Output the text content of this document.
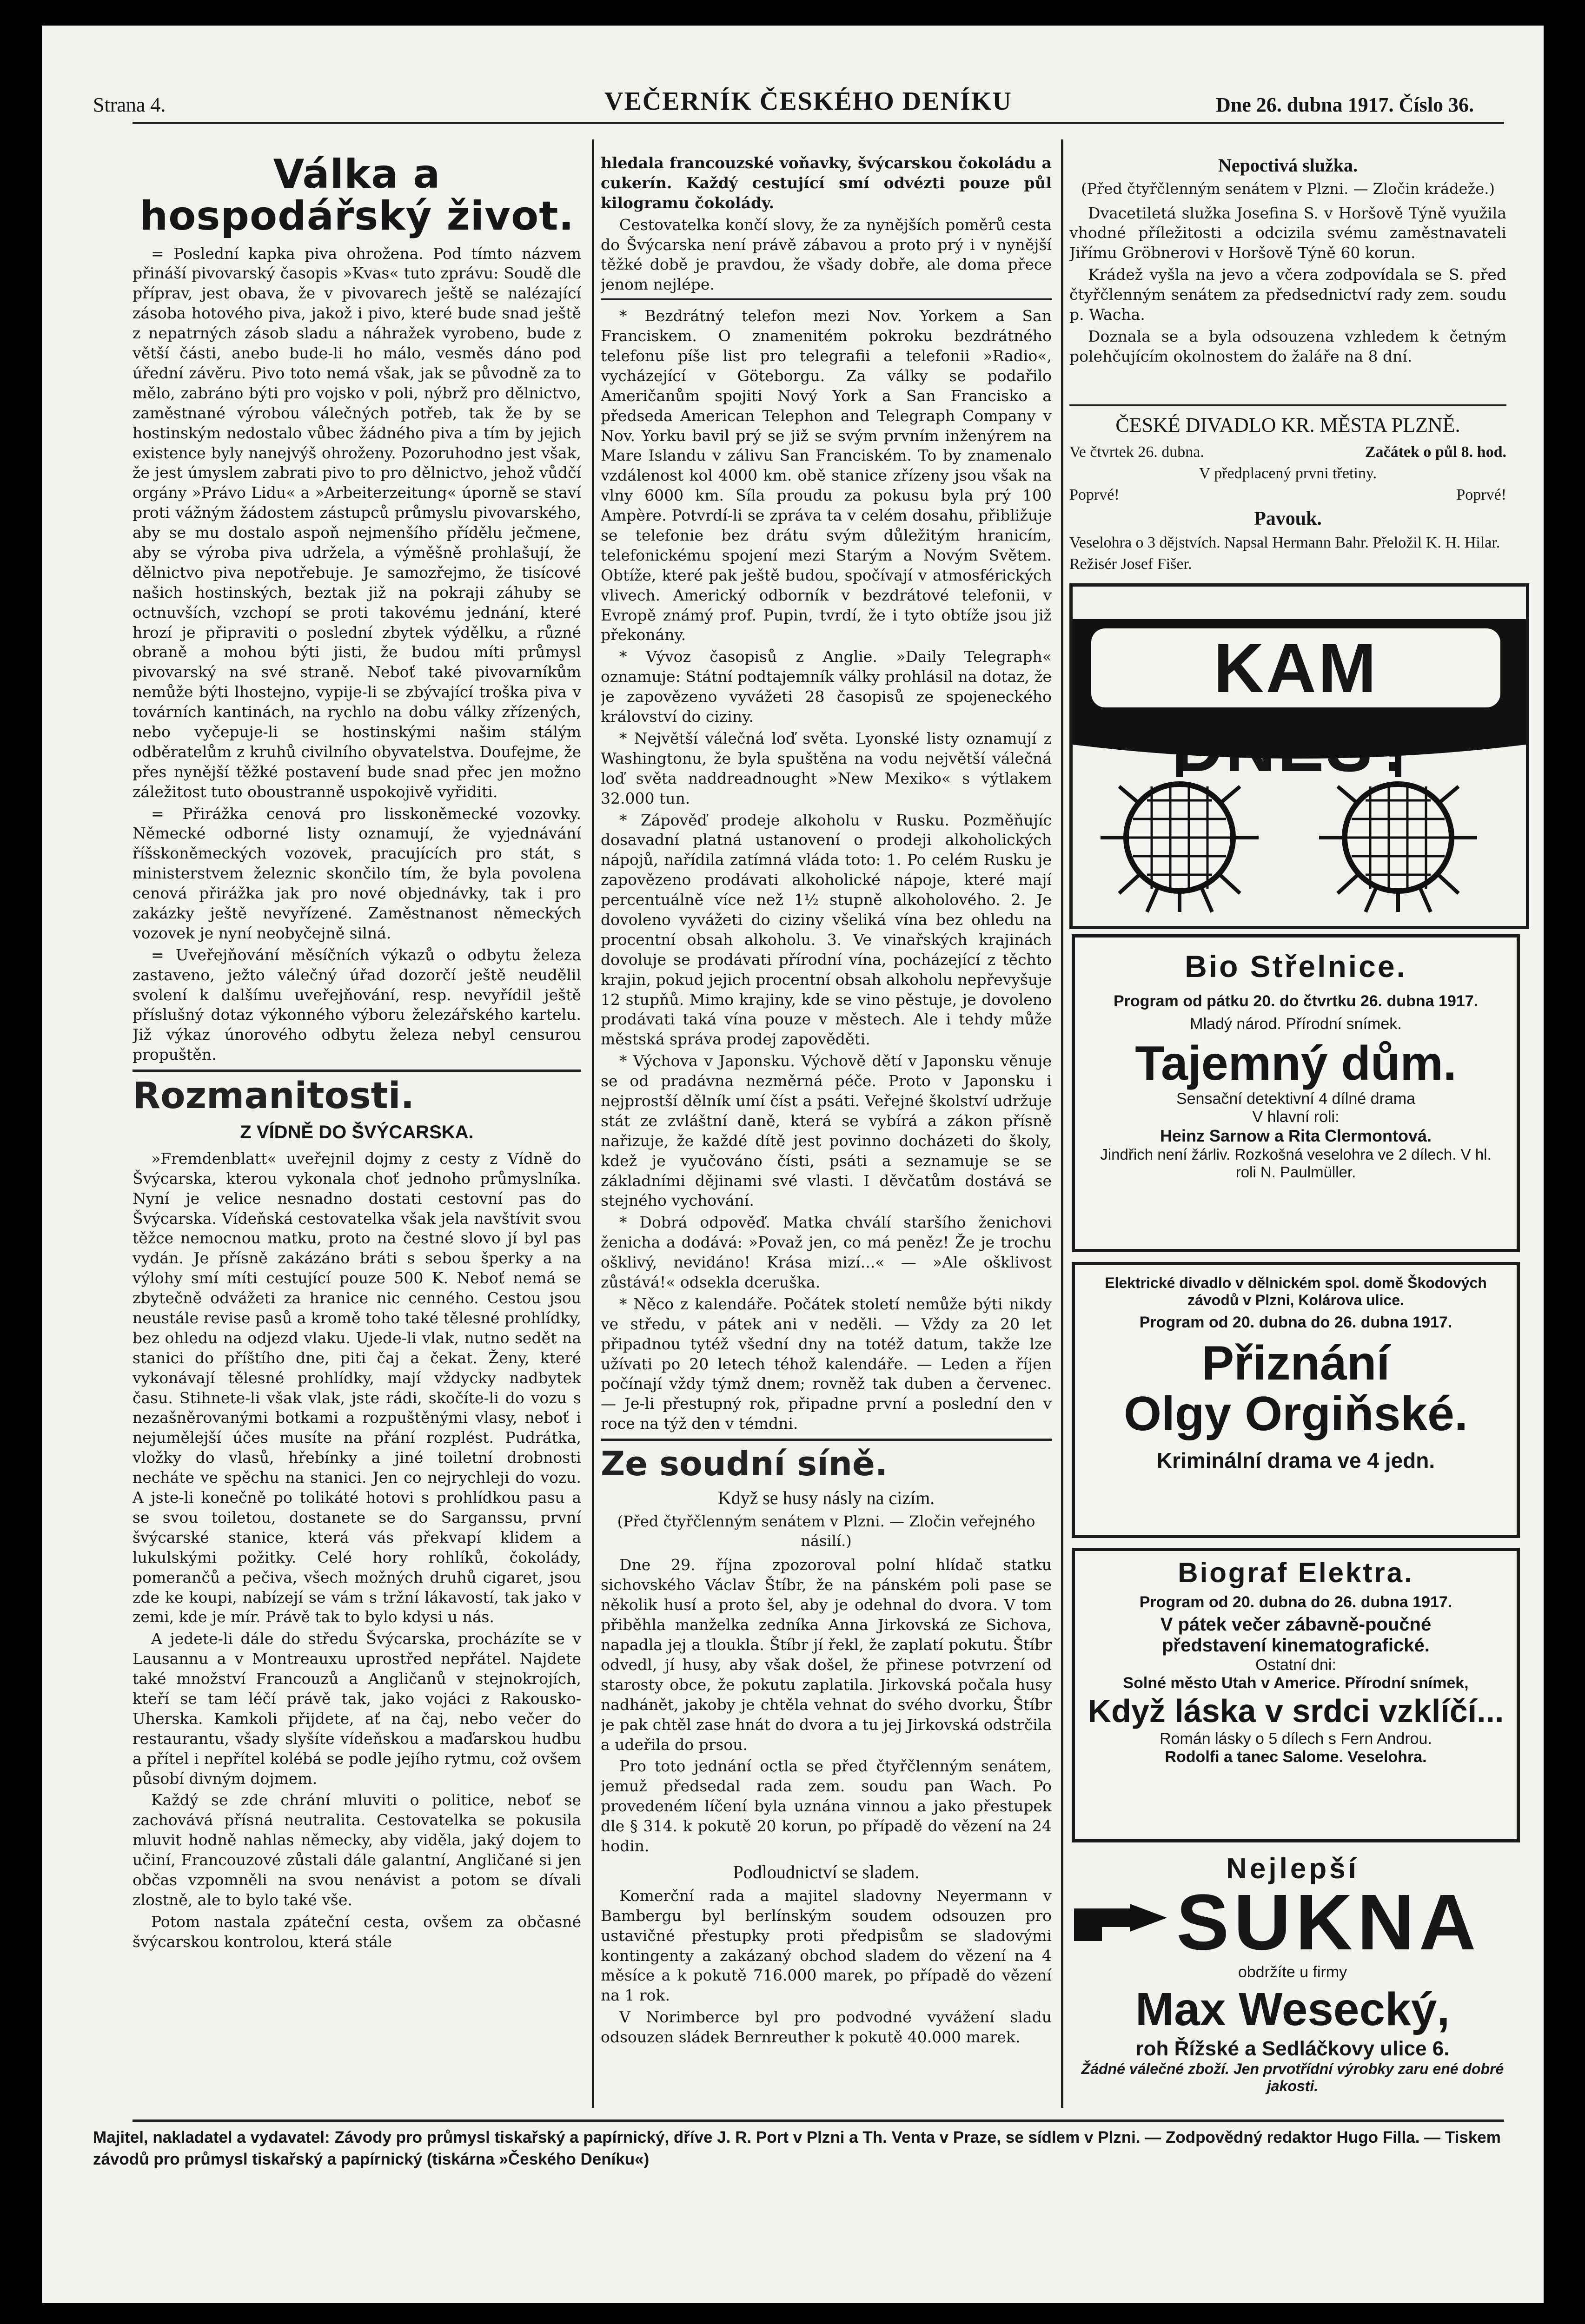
Strana 4.	VEČERNÍK ČESKÉHO DENÍKU	Dne 26. dubna 1917. Číslo 36.
Válka a hospodářský život.

= Poslední kapka piva ohrožena. Pod tímto názvem přináší pivovarský časopis »Kvas« tuto zprávu: Soudě dle příprav, jest obava, že v pivovarech ještě se nalézající zásoba hotového piva, jakož i pivo, které bude snad ještě z nepatrných zásob sladu a náhražek vyrobeno, bude z větší části, anebo bude-li ho málo, vesměs dáno pod úřední závěru. Pivo toto nemá však, jak se původně za to mělo, zabráno býti pro vojsko v poli, nýbrž pro dělnictvo, zaměstnané výrobou válečných potřeb, tak že by se hostinským nedostalo vůbec žádného piva a tím by jejich existence byly nanejvýš ohroženy. Pozoruhodno jest však, že jest úmyslem zabrati pivo to pro dělnictvo, jehož vůdčí orgány »Právo Lidu« a »Arbeiterzeitung« úporně se staví proti vážným žádostem zástupců průmyslu pivovarského, aby se mu dostalo aspoň nejmenšího přídělu ječmene, aby se výroba piva udržela, a výměšně prohlašují, že dělnictvo piva nepotřebuje. Je samozřejmo, že tisícové našich hostinských, beztak již na pokraji záhuby se octnuvších, vzchopí se proti takovému jednání, které hrozí je připraviti o poslední zbytek výdělku, a různé obraně a mohou býti jisti, že budou míti průmysl pivovarský na své straně. Neboť také pivovarníkům nemůže býti lhostejno, vypije-li se zbývající troška piva v továrních kantinách, na rychlo na dobu války zřízených, nebo vyčepuje-li se hostinskými našim stálým odběratelům z kruhů civilního obyvatelstva. Doufejme, že přes nynější těžké postavení bude snad přec jen možno záležitost tuto oboustranně uspokojivě vyřiditi.

= Přirážka cenová pro lisskoněmecké vozovky. Německé odborné listy oznamují, že vyjednávání říšskoněmeckých vozovek, pracujících pro stát, s ministerstvem železnic skončilo tím, že byla povolena cenová přirážka jak pro nové objednávky, tak i pro zakázky ještě nevyřízené. Zaměstnanost německých vozovek je nyní neobyčejně silná.

= Uveřejňování měsíčních výkazů o odbytu železa zastaveno, ježto válečný úřad dozorčí ještě neudělil svolení k dalšímu uveřejňování, resp. nevyřídil ještě příslušný dotaz výkonného výboru železářského kartelu. Již výkaz únorového odbytu železa nebyl censurou propuštěn.

Rozmanitosti.
Z VÍDNĚ DO ŠVÝCARSKA.

»Fremdenblatt« uveřejnil dojmy z cesty z Vídně do Švýcarska, kterou vykonala choť jednoho průmyslníka. Nyní je velice nesnadno dostati cestovní pas do Švýcarska. Vídeňská cestovatelka však jela navštívit svou těžce nemocnou matku, proto na čestné slovo jí byl pas vydán. Je přísně zakázáno bráti s sebou šperky a na výlohy smí míti cestující pouze 500 K. Neboť nemá se zbytečně odvážeti za hranice nic cenného. Cestou jsou neustále revise pasů a kromě toho také tělesné prohlídky, bez ohledu na odjezd vlaku. Ujede-li vlak, nutno sedět na stanici do příštího dne, piti čaj a čekat. Ženy, které vykonávají tělesné prohlídky, mají vždycky nadbytek času. Stihnete-li však vlak, jste rádi, skočíte-li do vozu s nezašněrovanými botkami a rozpuštěnými vlasy, neboť i nejumělejší účes musíte na přání rozplést. Pudrátka, vložky do vlasů, hřebínky a jiné toiletní drobnosti necháte ve spěchu na stanici. Jen co nejrychleji do vozu. A jste-li konečně po tolikáté hotovi s prohlídkou pasu a se svou toiletou, dostanete se do Sarganssu, první švýcarské stanice, která vás překvapí klidem a lukulskými požitky. Celé hory rohlíků, čokolády, pomerančů a pečiva, všech možných druhů cigaret, jsou zde ke koupi, nabízejí se vám s tržní lákavostí, tak jako v zemi, kde je mír. Právě tak to bylo kdysi u nás.

A jedete-li dále do středu Švýcarska, procházíte se v Lausannu a v Montreauxu uprostřed nepřátel. Najdete také množství Francouzů a Angličanů v stejnokrojích, kteří se tam léčí právě tak, jako vojáci z Rakousko-Uherska. Kamkoli přijdete, ať na čaj, nebo večer do restaurantu, všady slyšíte vídeňskou a maďarskou hudbu a přítel i nepřítel kolébá se podle jejího rytmu, což ovšem působí divným dojmem.

Každý se zde chrání mluviti o politice, neboť se zachovává přísná neutralita. Cestovatelka se pokusila mluvit hodně nahlas německy, aby viděla, jaký dojem to učiní, Francouzové zůstali dále galantní, Angličané si jen občas vzpomněli na svou nenávist a potom se dívali zlostně, ale to bylo také vše.

Potom nastala zpáteční cesta, ovšem za občasné švýcarskou kontrolou, která stále

hledala francouzské voňavky, švýcarskou čokoládu a cukerín. Každý cestující smí odvézti pouze půl kilogramu čokolády.

Cestovatelka končí slovy, že za nynějších poměrů cesta do Švýcarska není právě zábavou a proto prý i v nynější těžké době je pravdou, že všady dobře, ale doma přece jenom nejlépe.

* Bezdrátný telefon mezi Nov. Yorkem a San Franciskem. O znamenitém pokroku bezdrátného telefonu píše list pro telegrafii a telefonii »Radio«, vycházející v Göteborgu. Za války se podařilo Američanům spojiti Nový York a San Francisko a předseda American Telephon and Telegraph Company v Nov. Yorku bavil prý se již se svým prvním inženýrem na Mare Islandu v zálivu San Franciském. To by znamenalo vzdálenost kol 4000 km. obě stanice zřízeny jsou však na vlny 6000 km. Síla proudu za pokusu byla prý 100 Ampère. Potvrdí-li se zpráva ta v celém dosahu, přibližuje se telefonie bez drátu svým důležitým hranicím, telefonickému spojení mezi Starým a Novým Světem. Obtíže, které pak ještě budou, spočívají v atmosférických vlivech. Americký odborník v bezdrátové telefonii, v Evropě známý prof. Pupin, tvrdí, že i tyto obtíže jsou již překonány.

* Vývoz časopisů z Anglie. »Daily Telegraph« oznamuje: Státní podtajemník války prohlásil na dotaz, že je zapovězeno vyvážeti 28 časopisů ze spojeneckého království do ciziny.

* Největší válečná loď světa. Lyonské listy oznamují z Washingtonu, že byla spuštěna na vodu největší válečná loď světa naddreadnought »New Mexiko« s výtlakem 32.000 tun.

* Zápověď prodeje alkoholu v Rusku. Pozměňujíc dosavadní platná ustanovení o prodeji alkoholických nápojů, nařídila zatímná vláda toto: 1. Po celém Rusku je zapovězeno prodávati alkoholické nápoje, které mají percentuálně více než 1½ stupně alkoholového. 2. Je dovoleno vyvážeti do ciziny všeliká vína bez ohledu na procentní obsah alkoholu. 3. Ve vinařských krajinách dovoluje se prodávati přírodní vína, pocházející z těchto krajin, pokud jejich procentní obsah alkoholu nepřevyšuje 12 stupňů. Mimo krajiny, kde se vino pěstuje, je dovoleno prodávati taká vína pouze v městech. Ale i tehdy může městská správa prodej zapověděti.

* Výchova v Japonsku. Výchově dětí v Japonsku věnuje se od pradávna nezměrná péče. Proto v Japonsku i nejprostší dělník umí číst a psáti. Veřejné školství udržuje stát ze zvláštní daně, která se vybírá a zákon přísně nařizuje, že každé dítě jest povinno docházeti do školy, kdež je vyučováno čísti, psáti a seznamuje se se základními dějinami své vlasti. I děvčatům dostává se stejného vychování.

* Dobrá odpověď. Matka chválí staršího ženichovi ženicha a dodává: »Považ jen, co má peněz! Že je trochu ošklivý, nevidáno! Krása mizí...« — »Ale ošklivost zůstává!« odsekla dceruška.

* Něco z kalendáře. Počátek století nemůže býti nikdy ve středu, v pátek ani v neděli. — Vždy za 20 let připadnou tytéž všední dny na totéž datum, takže lze užívati po 20 letech téhož kalendáře. — Leden a říjen počínají vždy týmž dnem; rovněž tak duben a červenec. — Je-li přestupný rok, připadne první a poslední den v roce na týž den v témdni.

Ze soudní síně.
Když se husy násly na cizím.
(Před čtyřčlenným senátem v Plzni. — Zločin veřejného násilí.)

Dne 29. října zpozoroval polní hlídač statku sichovského Václav Štíbr, že na pánském poli pase se několik husí a proto šel, aby je odehnal do dvora. V tom přiběhla manželka zedníka Anna Jirkovská ze Sichova, napadla jej a tloukla. Štíbr jí řekl, že zaplatí pokutu. Štíbr odvedl, jí husy, aby však došel, že přinese potvrzení od starosty obce, že pokutu zaplatila. Jirkovská počala husy nadhánět, jakoby je chtěla vehnat do svého dvorku, Štíbr je pak chtěl zase hnát do dvora a tu jej Jirkovská odstrčila a udeřila do prsou.

Pro toto jednání octla se před čtyřčlenným senátem, jemuž předsedal rada zem. soudu pan Wach. Po provedeném líčení byla uznána vinnou a jako přestupek dle § 314. k pokutě 20 korun, po případě do vězení na 24 hodin.

Podloudnictví se sladem.

Komerční rada a majitel sladovny Neyermann v Bambergu byl berlínským soudem odsouzen pro ustavičné přestupky proti předpisům se sladovými kontingenty a zakázaný obchod sladem do vězení na 4 měsíce a k pokutě 716.000 marek, po případě do vězení na 1 rok.

V Norimberce byl pro podvodné vyvážení sladu odsouzen sládek Bernreuther k pokutě 40.000 marek.

Nepoctivá služka.
(Před čtyřčlenným senátem v Plzni. — Zločin krádeže.)

Dvacetiletá služka Josefina S. v Horšově Týně využila vhodné příležitosti a odcizila svému zaměstnavateli Jiřímu Gröbnerovi v Horšově Týně 60 korun.

Krádež vyšla na jevo a včera zodpovídala se S. před čtyřčlenným senátem za předsednictví rady zem. soudu p. Wacha.

Doznala se a byla odsouzena vzhledem k četným polehčujícím okolnostem do žaláře na 8 dní.

ČESKÉ DIVADLO KR. MĚSTA PLZNĚ.
Ve čtvrtek 26. dubna.	Začátek o půl 8. hod.
V předplacený prvni třetiny.
Poprvé!	Poprvé!
Pavouk.
Veselohra o 3 dějstvích. Napsal Hermann Bahr. Přeložil K. H. Hilar. Režisér Josef Fišer.
KAM
Bio Střelnice.
Program od pátku 20. do čtvrtku 26. dubna 1917.
Mladý národ. Přírodní snímek.
Tajemný dům.
Sensační detektivní 4 dílné drama
V hlavní roli:
Heinz Sarnow a Rita Clermontová.
Jindřich není žárliv. Rozkošná veselohra ve 2 dílech. V hl. roli N. Paulmüller.
Elektrické divadlo v dělnickém spol. domě Škodových závodů v Plzni, Kolárova ulice.
Program od 20. dubna do 26. dubna 1917.
Přiznání
Olgy Orgiňské.
Kriminální drama ve 4 jedn.
Biograf Elektra.
Program od 20. dubna do 26. dubna 1917.
V pátek večer zábavně-poučné
představení kinematografické.
Ostatní dni:
Solné město Utah v Americe. Přírodní snímek,
Když láska v srdci vzklíčí...
Román lásky o 5 dílech s Fern Androu.
Rodolfi a tanec Salome. Veselohra.
Nejlepší
SUKNA
obdržíte u firmy
Max Wesecký,
roh Řížské a Sedláčkovy ulice 6.
Žádné válečné zboží. Jen prvotřídní výrobky zaru ené dobré jakosti.
Majitel, nakladatel a vydavatel: Závody pro průmysl tiskařský a papírnický, dříve J. R. Port v Plzni a Th. Venta v Praze, se sídlem v Plzni. — Zodpovědný redaktor Hugo Filla. — Tiskem závodů pro průmysl tiskařský a papírnický (tiskárna »Českého Deníku«)
